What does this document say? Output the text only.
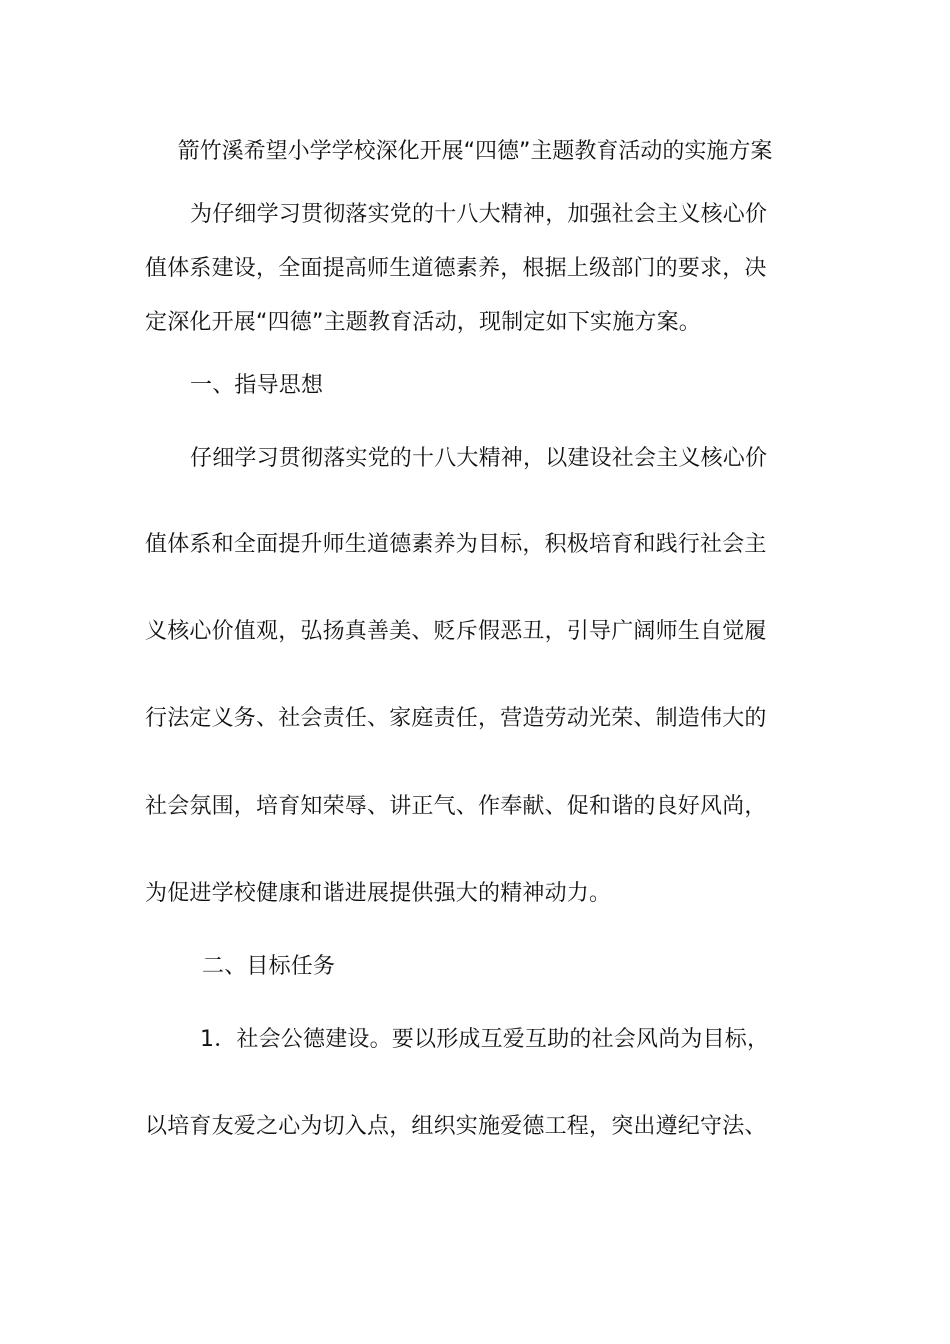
箭竹溪希望小学学校深化开展“四德”主题教育活动的实施方案
为仔细学习贯彻落实党的十八大精神，加强社会主义核心价
值体系建设，全面提高师生道德素养，根据上级部门的要求，决
定深化开展“四德”主题教育活动，现制定如下实施方案。
一、指导思想
仔细学习贯彻落实党的十八大精神，以建设社会主义核心价
值体系和全面提升师生道德素养为目标，积极培育和践行社会主
义核心价值观，弘扬真善美、贬斥假恶丑，引导广阔师生自觉履
行法定义务、社会责任、家庭责任，营造劳动光荣、制造伟大的
社会氛围，培育知荣辱、讲正气、作奉献、促和谐的良好风尚，
为促进学校健康和谐进展提供强大的精神动力。
二、目标任务
1．社会公德建设。要以形成互爱互助的社会风尚为目标，
以培育友爱之心为切入点，组织实施爱德工程，突出遵纪守法、
